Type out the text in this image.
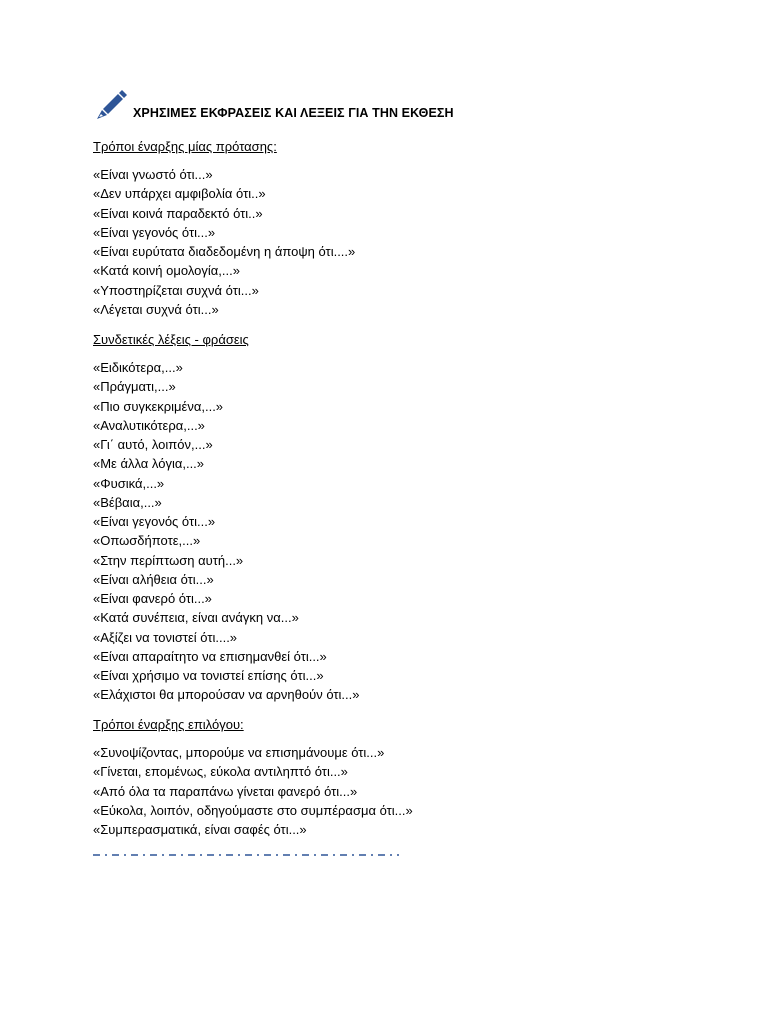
ΧΡΗΣΙΜΕΣ ΕΚΦΡΑΣΕΙΣ ΚΑΙ ΛΕΞΕΙΣ ΓΙΑ ΤΗΝ ΕΚΘΕΣΗ
Τρόποι έναρξης μίας πρότασης:
«Είναι γνωστό ότι...»
«Δεν υπάρχει αμφιβολία ότι..»
«Είναι κοινά παραδεκτό ότι..»
«Είναι γεγονός ότι...»
«Είναι ευρύτατα διαδεδομένη η άποψη ότι....»
«Κατά κοινή ομολογία,...»
«Υποστηρίζεται συχνά ότι...»
«Λέγεται συχνά ότι...»
Συνδετικές λέξεις - φράσεις
«Ειδικότερα,...»
«Πράγματι,...»
«Πιο συγκεκριμένα,...»
«Αναλυτικότερα,...»
«Γι΄ αυτό, λοιπόν,...»
«Με άλλα λόγια,...»
«Φυσικά,...»
«Βέβαια,...»
«Είναι γεγονός ότι...»
«Οπωσδήποτε,...»
«Στην περίπτωση αυτή...»
«Είναι αλήθεια ότι...»
«Είναι φανερό ότι...»
«Κατά συνέπεια, είναι ανάγκη να...»
«Αξίζει να τονιστεί ότι....»
«Είναι απαραίτητο να επισημανθεί ότι...»
«Είναι χρήσιμο να τονιστεί επίσης ότι...»
«Ελάχιστοι θα μπορούσαν να αρνηθούν ότι...»
Τρόποι έναρξης επιλόγου:
«Συνοψίζοντας, μπορούμε να επισημάνουμε ότι...»
«Γίνεται, επομένως, εύκολα αντιληπτό ότι...»
«Από όλα τα παραπάνω γίνεται φανερό ότι...»
«Εύκολα, λοιπόν, οδηγούμαστε στο συμπέρασμα ότι...»
«Συμπερασματικά, είναι σαφές ότι...»
